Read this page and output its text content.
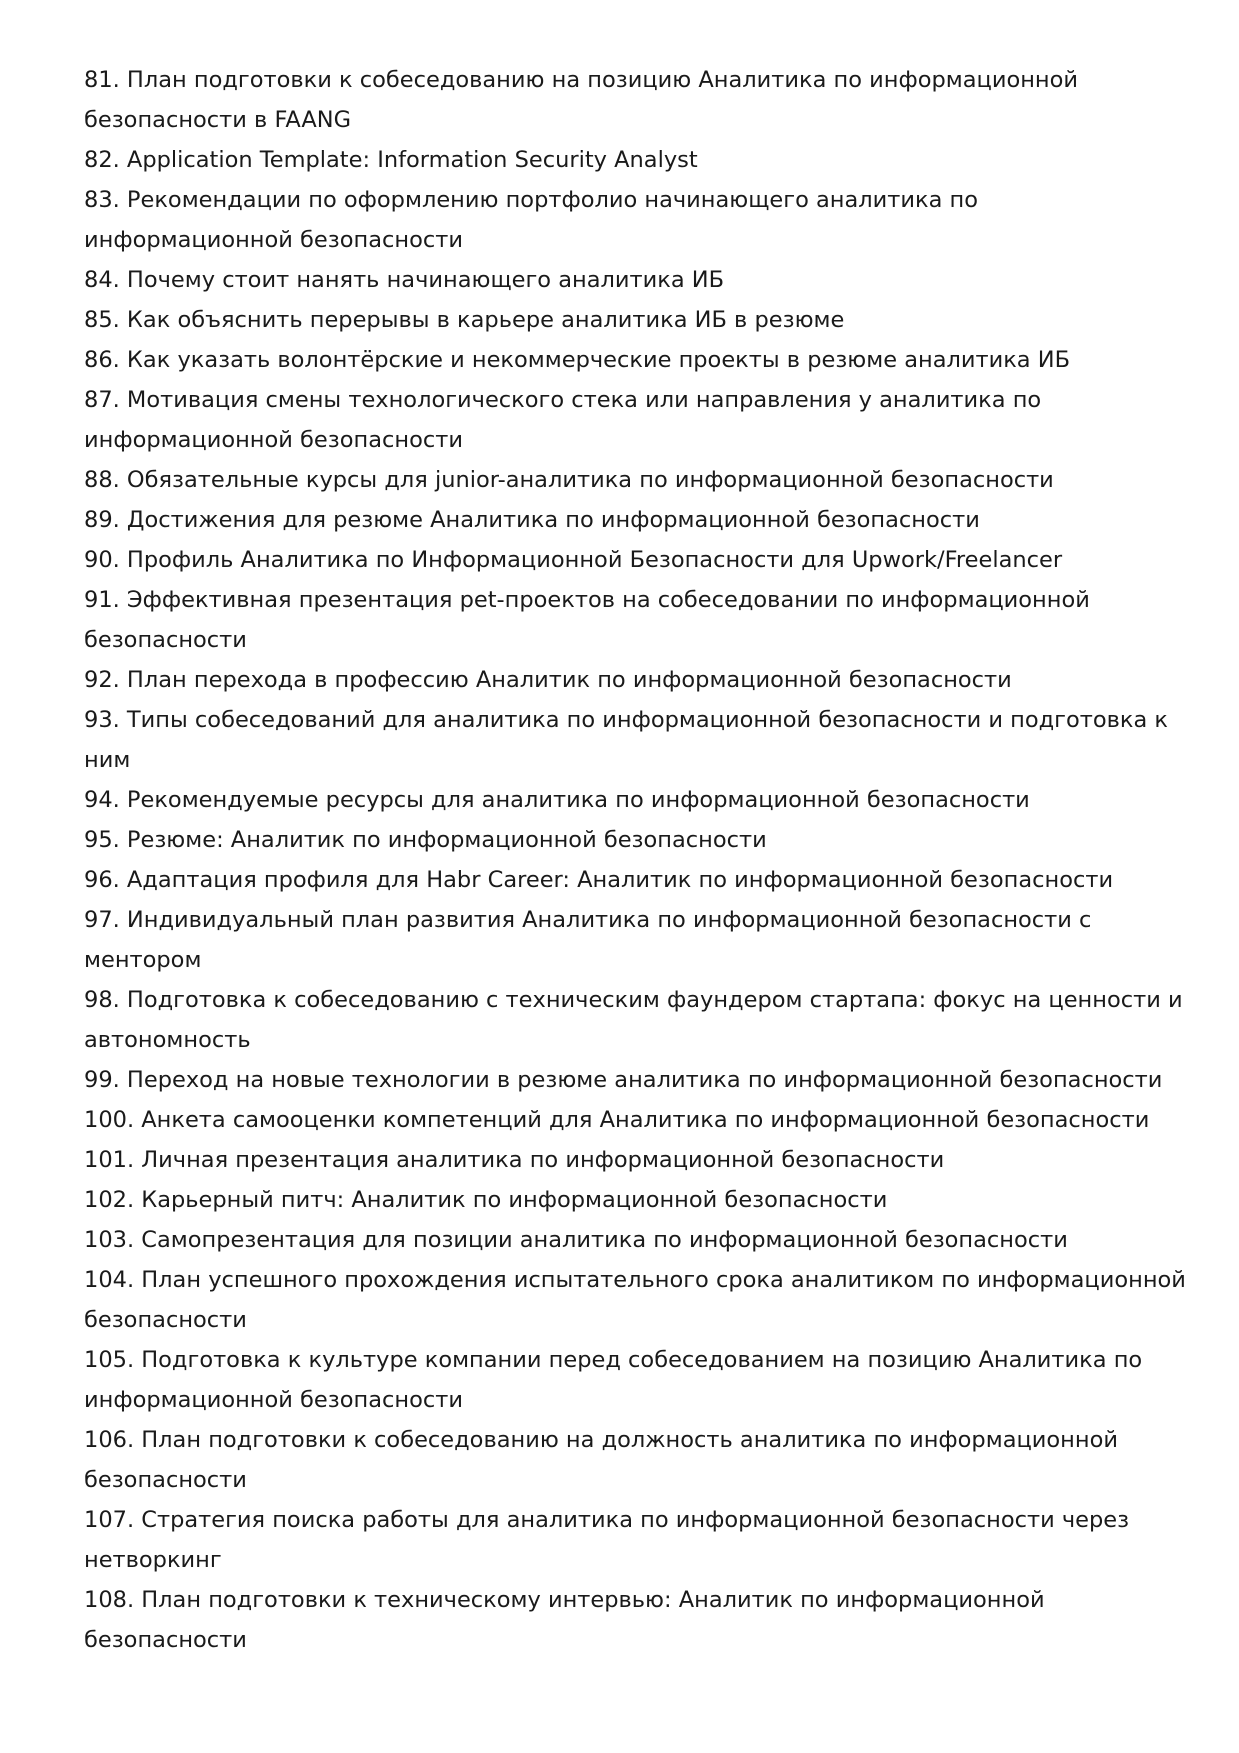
81. План подготовки к собеседованию на позицию Аналитика по информационной
безопасности в FAANG
82. Application Template: Information Security Analyst
83. Рекомендации по оформлению портфолио начинающего аналитика по
информационной безопасности
84. Почему стоит нанять начинающего аналитика ИБ
85. Как объяснить перерывы в карьере аналитика ИБ в резюме
86. Как указать волонтёрские и некоммерческие проекты в резюме аналитика ИБ
87. Мотивация смены технологического стека или направления у аналитика по
информационной безопасности
88. Обязательные курсы для junior-аналитика по информационной безопасности
89. Достижения для резюме Аналитика по информационной безопасности
90. Профиль Аналитика по Информационной Безопасности для Upwork/Freelancer
91. Эффективная презентация pet-проектов на собеседовании по информационной
безопасности
92. План перехода в профессию Аналитик по информационной безопасности
93. Типы собеседований для аналитика по информационной безопасности и подготовка к
ним
94. Рекомендуемые ресурсы для аналитика по информационной безопасности
95. Резюме: Аналитик по информационной безопасности
96. Адаптация профиля для Habr Career: Аналитик по информационной безопасности
97. Индивидуальный план развития Аналитика по информационной безопасности с
ментором
98. Подготовка к собеседованию с техническим фаундером стартапа: фокус на ценности и
автономность
99. Переход на новые технологии в резюме аналитика по информационной безопасности
100. Анкета самооценки компетенций для Аналитика по информационной безопасности
101. Личная презентация аналитика по информационной безопасности
102. Карьерный питч: Аналитик по информационной безопасности
103. Самопрезентация для позиции аналитика по информационной безопасности
104. План успешного прохождения испытательного срока аналитиком по информационной
безопасности
105. Подготовка к культуре компании перед собеседованием на позицию Аналитика по
информационной безопасности
106. План подготовки к собеседованию на должность аналитика по информационной
безопасности
107. Стратегия поиска работы для аналитика по информационной безопасности через
нетворкинг
108. План подготовки к техническому интервью: Аналитик по информационной
безопасности
